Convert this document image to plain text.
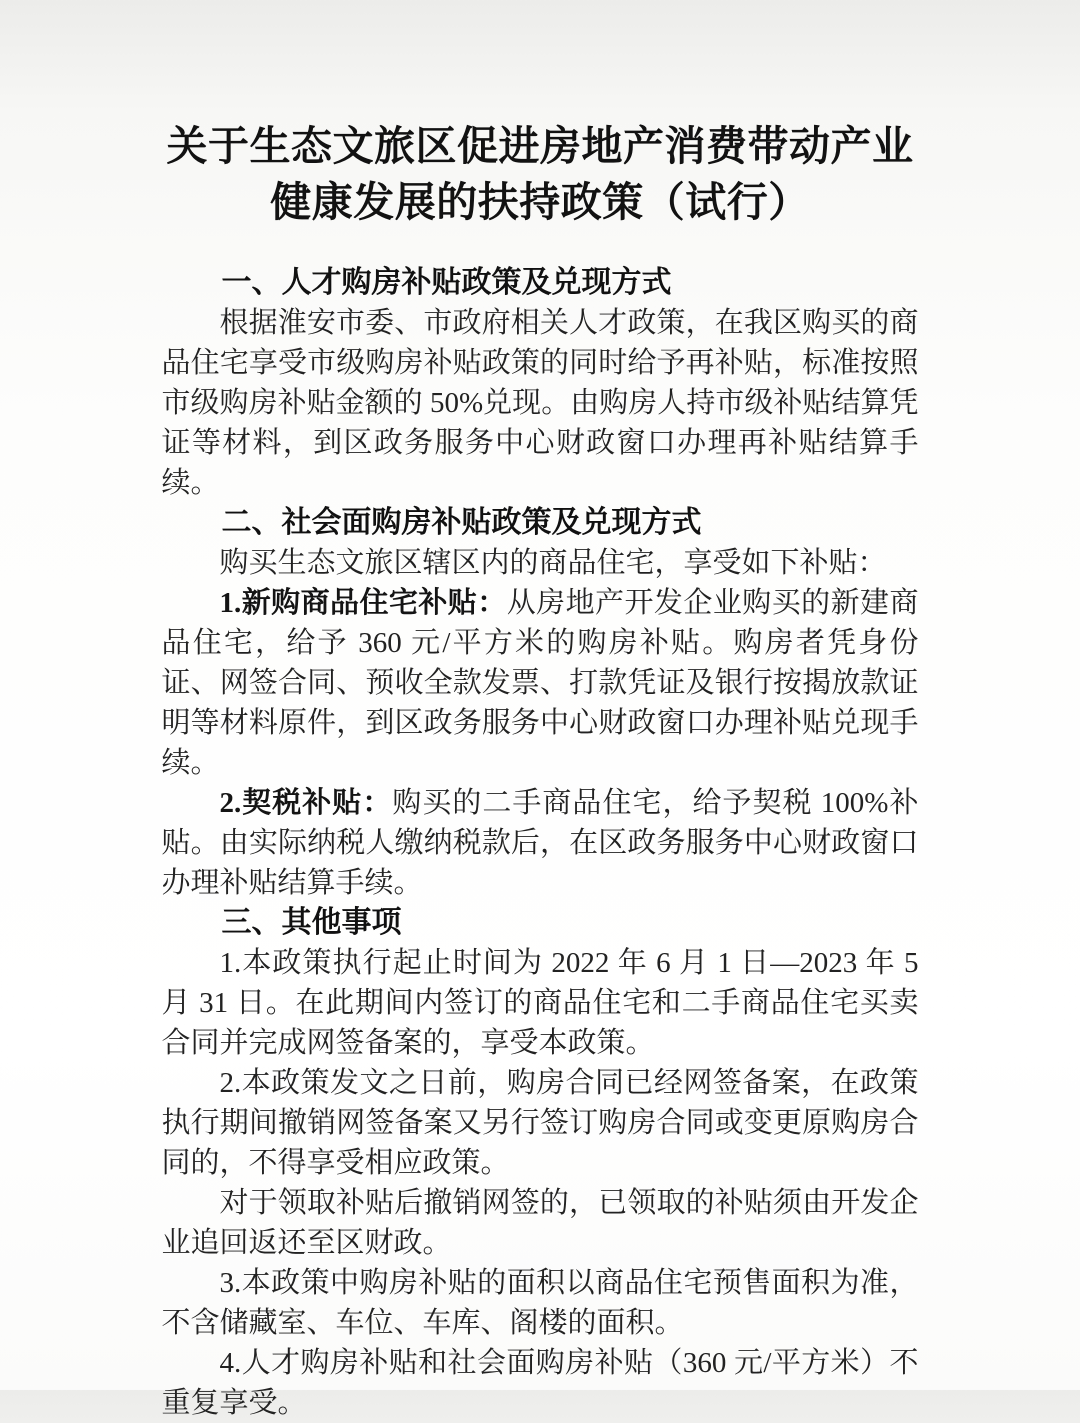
关于生态文旅区促进房地产消费带动产业
健康发展的扶持政策（试行）
一、人才购房补贴政策及兑现方式

根据淮安市委、市政府相关人才政策，在我区购买的商品住宅享受市级购房补贴政策的同时给予再补贴，标准按照市级购房补贴金额的 50%兑现。由购房人持市级补贴结算凭证等材料，到区政务服务中心财政窗口办理再补贴结算手续。

二、社会面购房补贴政策及兑现方式

购买生态文旅区辖区内的商品住宅，享受如下补贴：

1.新购商品住宅补贴：从房地产开发企业购买的新建商品住宅，给予 360 元/平方米的购房补贴。购房者凭身份证、网签合同、预收全款发票、打款凭证及银行按揭放款证明等材料原件，到区政务服务中心财政窗口办理补贴兑现手续。

2.契税补贴：购买的二手商品住宅，给予契税 100%补贴。由实际纳税人缴纳税款后，在区政务服务中心财政窗口办理补贴结算手续。

三、其他事项

1.本政策执行起止时间为 2022 年 6 月 1 日—2023 年 5 月 31 日。在此期间内签订的商品住宅和二手商品住宅买卖合同并完成网签备案的，享受本政策。

2.本政策发文之日前，购房合同已经网签备案，在政策执行期间撤销网签备案又另行签订购房合同或变更原购房合同的，不得享受相应政策。

对于领取补贴后撤销网签的，已领取的补贴须由开发企业追回返还至区财政。

3.本政策中购房补贴的面积以商品住宅预售面积为准，不含储藏室、车位、车库、阁楼的面积。

4.人才购房补贴和社会面购房补贴（360 元/平方米）不重复享受。
